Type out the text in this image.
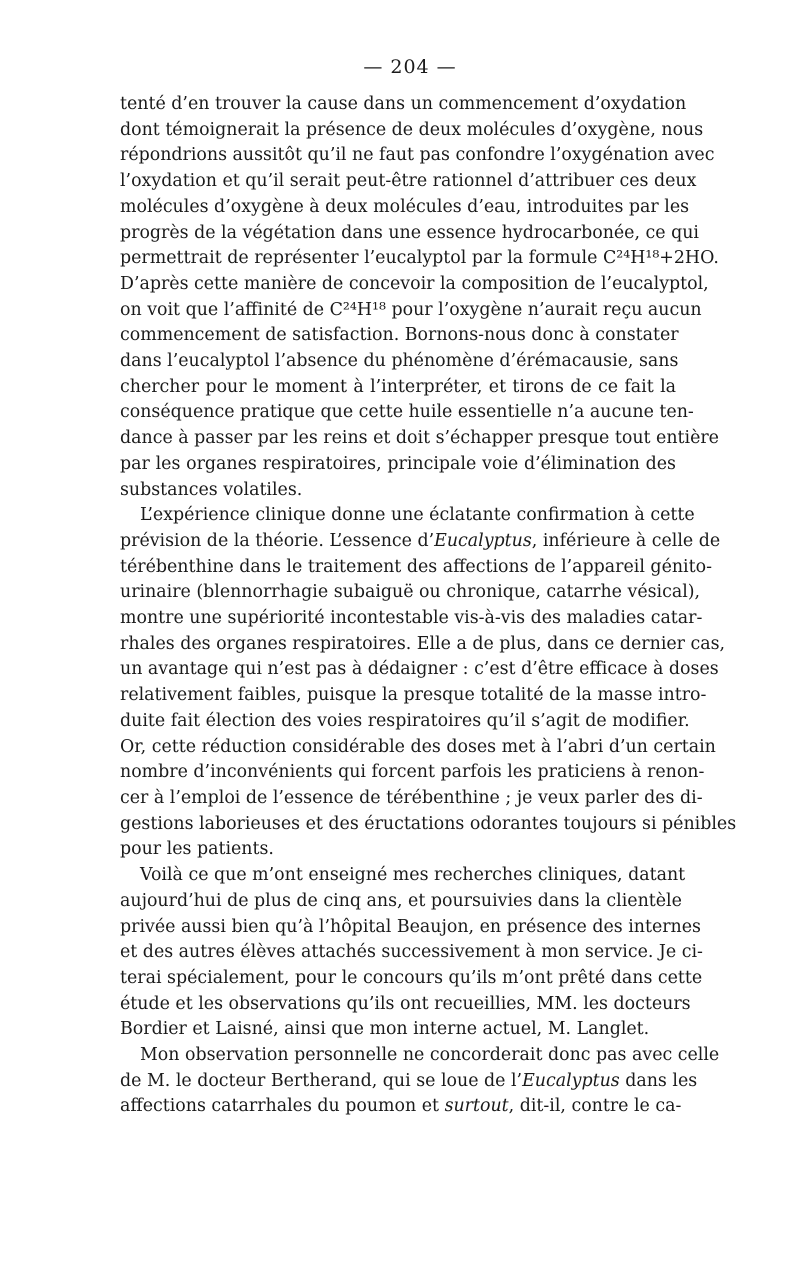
— 204 —

tenté d’en trouver la cause dans un commencement d’oxydation
dont témoignerait la présence de deux molécules d’oxygène, nous
répondrions aussitôt qu’il ne faut pas confondre l’oxygénation avec
l’oxydation et qu’il serait peut-être rationnel d’attribuer ces deux
molécules d’oxygène à deux molécules d’eau, introduites par les
progrès de la végétation dans une essence hydrocarbonée, ce qui
permettrait de représenter l’eucalyptol par la formule C²⁴H¹⁸+2HO.
D’après cette manière de concevoir la composition de l’eucalyptol,
on voit que l’affinité de C²⁴H¹⁸ pour l’oxygène n’aurait reçu aucun
commencement de satisfaction. Bornons-nous donc à constater
dans l’eucalyptol l’absence du phénomène d’érémacausie, sans
chercher pour le moment à l’interpréter, et tirons de ce fait la
conséquence pratique que cette huile essentielle n’a aucune ten-
dance à passer par les reins et doit s’échapper presque tout entière
par les organes respiratoires, principale voie d’élimination des
substances volatiles.

L’expérience clinique donne une éclatante confirmation à cette
prévision de la théorie. L’essence d’Eucalyptus, inférieure à celle de
térébenthine dans le traitement des affections de l’appareil génito-
urinaire (blennorrhagie subaiguë ou chronique, catarrhe vésical),
montre une supériorité incontestable vis-à-vis des maladies catar-
rhales des organes respiratoires. Elle a de plus, dans ce dernier cas,
un avantage qui n’est pas à dédaigner : c’est d’être efficace à doses
relativement faibles, puisque la presque totalité de la masse intro-
duite fait élection des voies respiratoires qu’il s’agit de modifier.
Or, cette réduction considérable des doses met à l’abri d’un certain
nombre d’inconvénients qui forcent parfois les praticiens à renon-
cer à l’emploi de l’essence de térébenthine ; je veux parler des di-
gestions laborieuses et des éructations odorantes toujours si pénibles
pour les patients.

Voilà ce que m’ont enseigné mes recherches cliniques, datant
aujourd’hui de plus de cinq ans, et poursuivies dans la clientèle
privée aussi bien qu’à l’hôpital Beaujon, en présence des internes
et des autres élèves attachés successivement à mon service. Je ci-
terai spécialement, pour le concours qu’ils m’ont prêté dans cette
étude et les observations qu’ils ont recueillies, MM. les docteurs
Bordier et Laisné, ainsi que mon interne actuel, M. Langlet.

Mon observation personnelle ne concorderait donc pas avec celle
de M. le docteur Bertherand, qui se loue de l’Eucalyptus dans les
affections catarrhales du poumon et surtout, dit-il, contre le ca-
